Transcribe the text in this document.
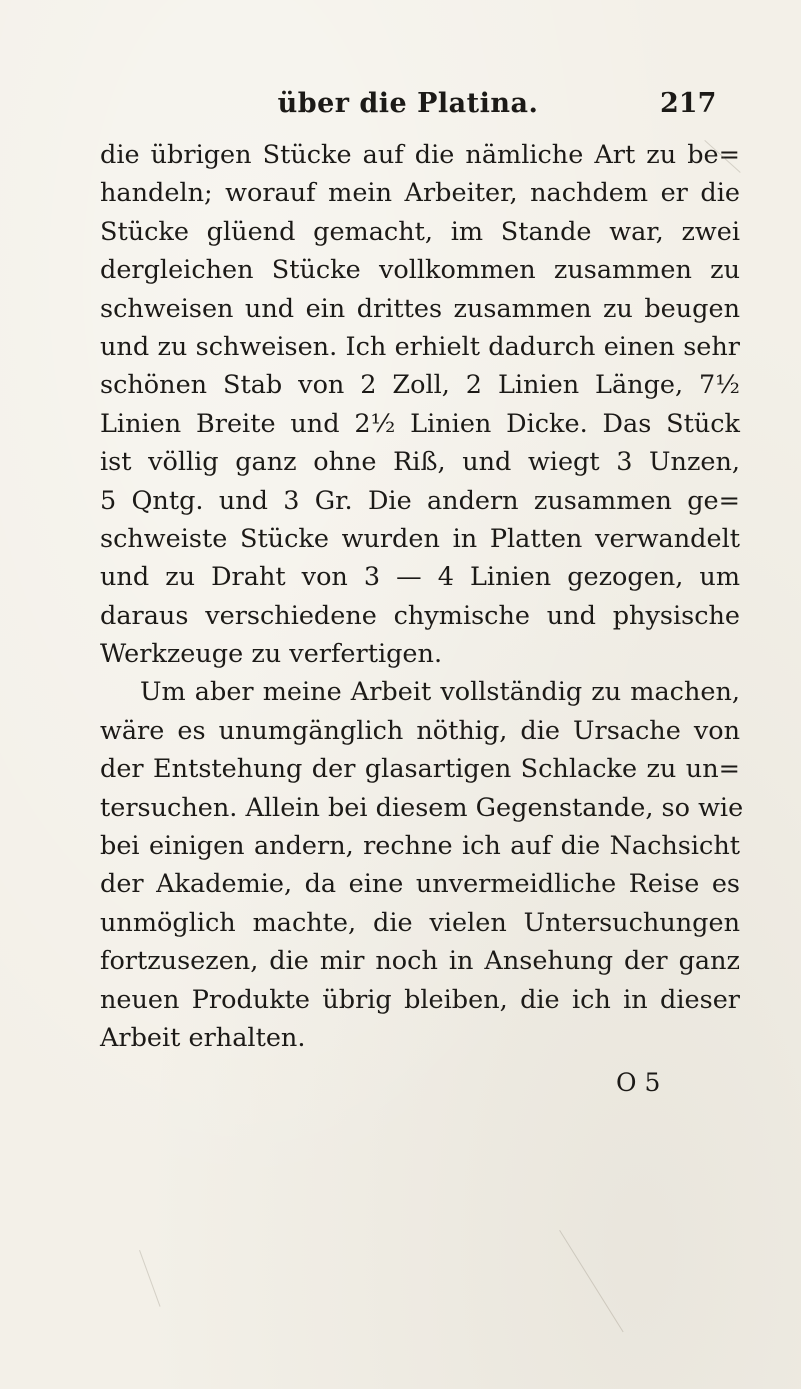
über die Platina.	217
die übrigen Stücke auf die nämliche Art zu be=
handeln; worauf mein Arbeiter, nachdem er die
Stücke glüend gemacht, im Stande war, zwei
dergleichen Stücke vollkommen zusammen zu
schweisen und ein drittes zusammen zu beugen
und zu schweisen. Ich erhielt dadurch einen sehr
schönen Stab von 2 Zoll, 2 Linien Länge, 7½
Linien Breite und 2½ Linien Dicke. Das Stück
ist völlig ganz ohne Riß, und wiegt 3 Unzen,
5 Qntg. und 3 Gr. Die andern zusammen ge=
schweiste Stücke wurden in Platten verwandelt
und zu Draht von 3 — 4 Linien gezogen, um
daraus verschiedene chymische und physische
Werkzeuge zu verfertigen.
Um aber meine Arbeit vollständig zu machen,
wäre es unumgänglich nöthig, die Ursache von
der Entstehung der glasartigen Schlacke zu un=
tersuchen. Allein bei diesem Gegenstande, so wie
bei einigen andern, rechne ich auf die Nachsicht
der Akademie, da eine unvermeidliche Reise es
unmöglich machte, die vielen Untersuchungen
fortzusezen, die mir noch in Ansehung der ganz
neuen Produkte übrig bleiben, die ich in dieser
Arbeit erhalten.
O 5
